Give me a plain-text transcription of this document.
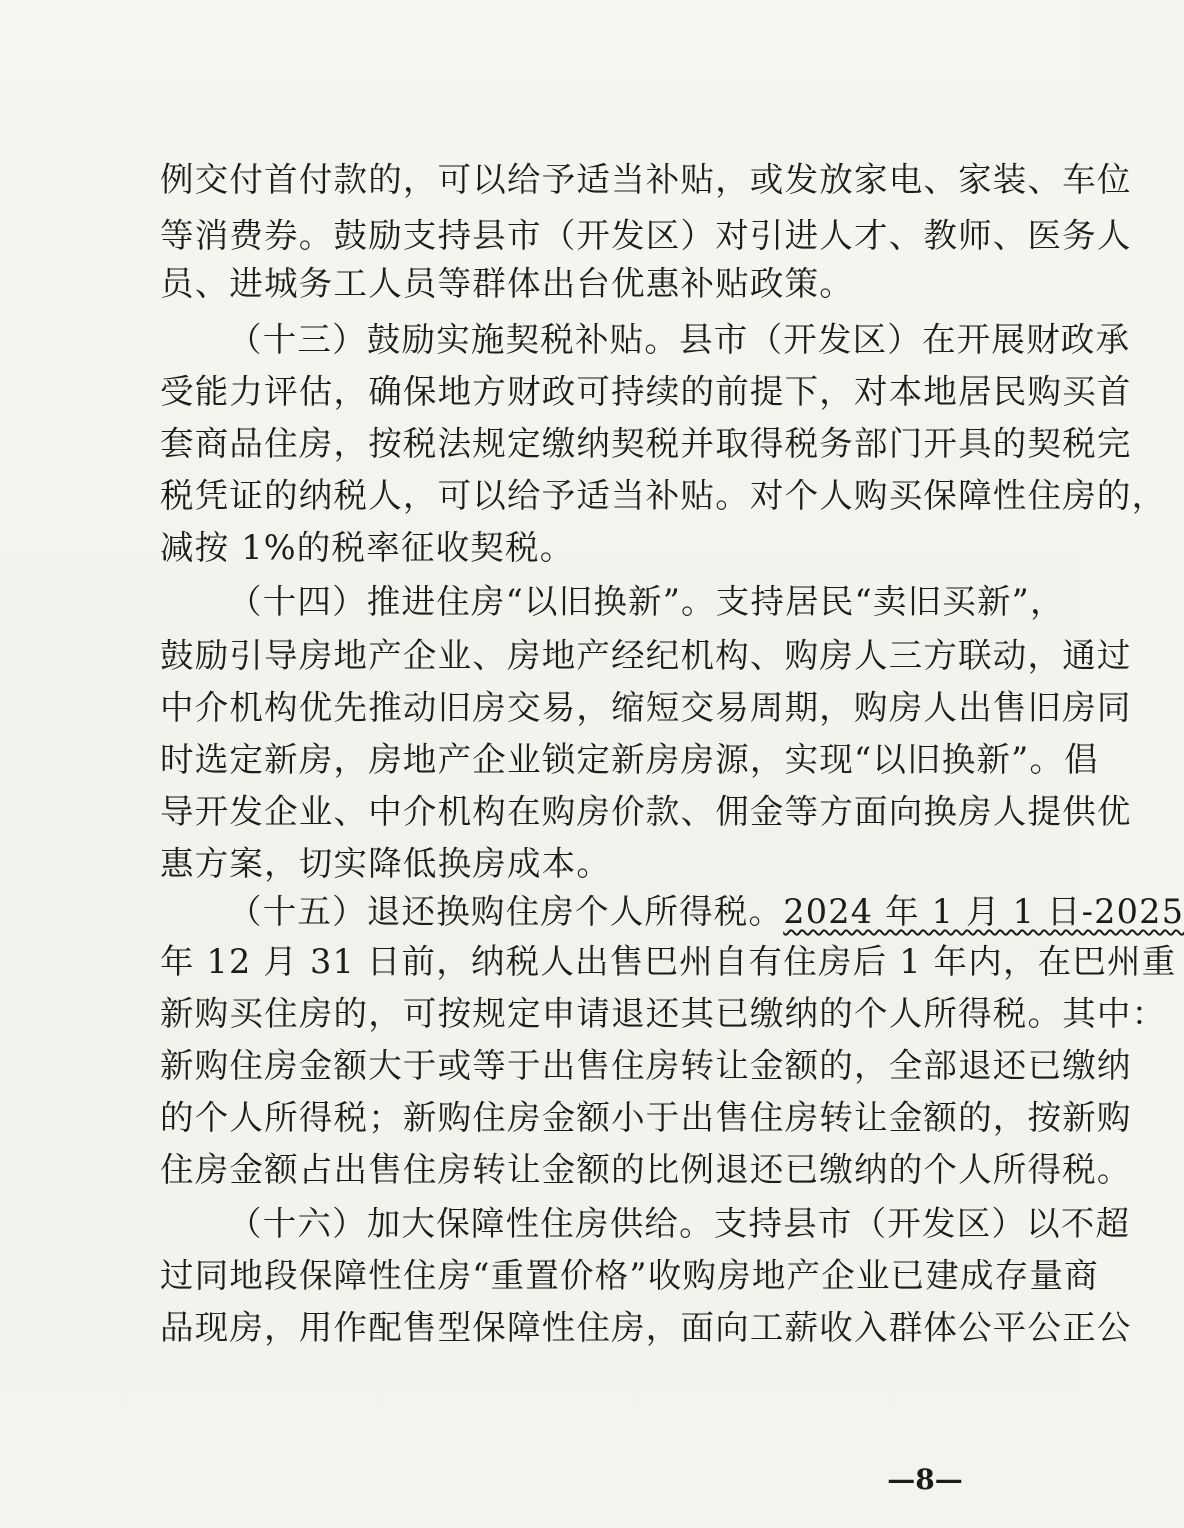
例交付首付款的，可以给予适当补贴，或发放家电、家装、车位
等消费券。鼓励支持县市（开发区）对引进人才、教师、医务人
员、进城务工人员等群体出台优惠补贴政策。
（十三）鼓励实施契税补贴。县市（开发区）在开展财政承
受能力评估，确保地方财政可持续的前提下，对本地居民购买首
套商品住房，按税法规定缴纳契税并取得税务部门开具的契税完
税凭证的纳税人，可以给予适当补贴。对个人购买保障性住房的，
减按 1%的税率征收契税。
（十四）推进住房“以旧换新”。支持居民“卖旧买新”，
鼓励引导房地产企业、房地产经纪机构、购房人三方联动，通过
中介机构优先推动旧房交易，缩短交易周期，购房人出售旧房同
时选定新房，房地产企业锁定新房房源，实现“以旧换新”。倡
导开发企业、中介机构在购房价款、佣金等方面向换房人提供优
惠方案，切实降低换房成本。
（十五）退还换购住房个人所得税。2024 年 1 月 1 日-2025
年 12 月 31 日前，纳税人出售巴州自有住房后 1 年内，在巴州重
新购买住房的，可按规定申请退还其已缴纳的个人所得税。其中：
新购住房金额大于或等于出售住房转让金额的，全部退还已缴纳
的个人所得税；新购住房金额小于出售住房转让金额的，按新购
住房金额占出售住房转让金额的比例退还已缴纳的个人所得税。
（十六）加大保障性住房供给。支持县市（开发区）以不超
过同地段保障性住房“重置价格”收购房地产企业已建成存量商
品现房，用作配售型保障性住房，面向工薪收入群体公平公正公
—8—
